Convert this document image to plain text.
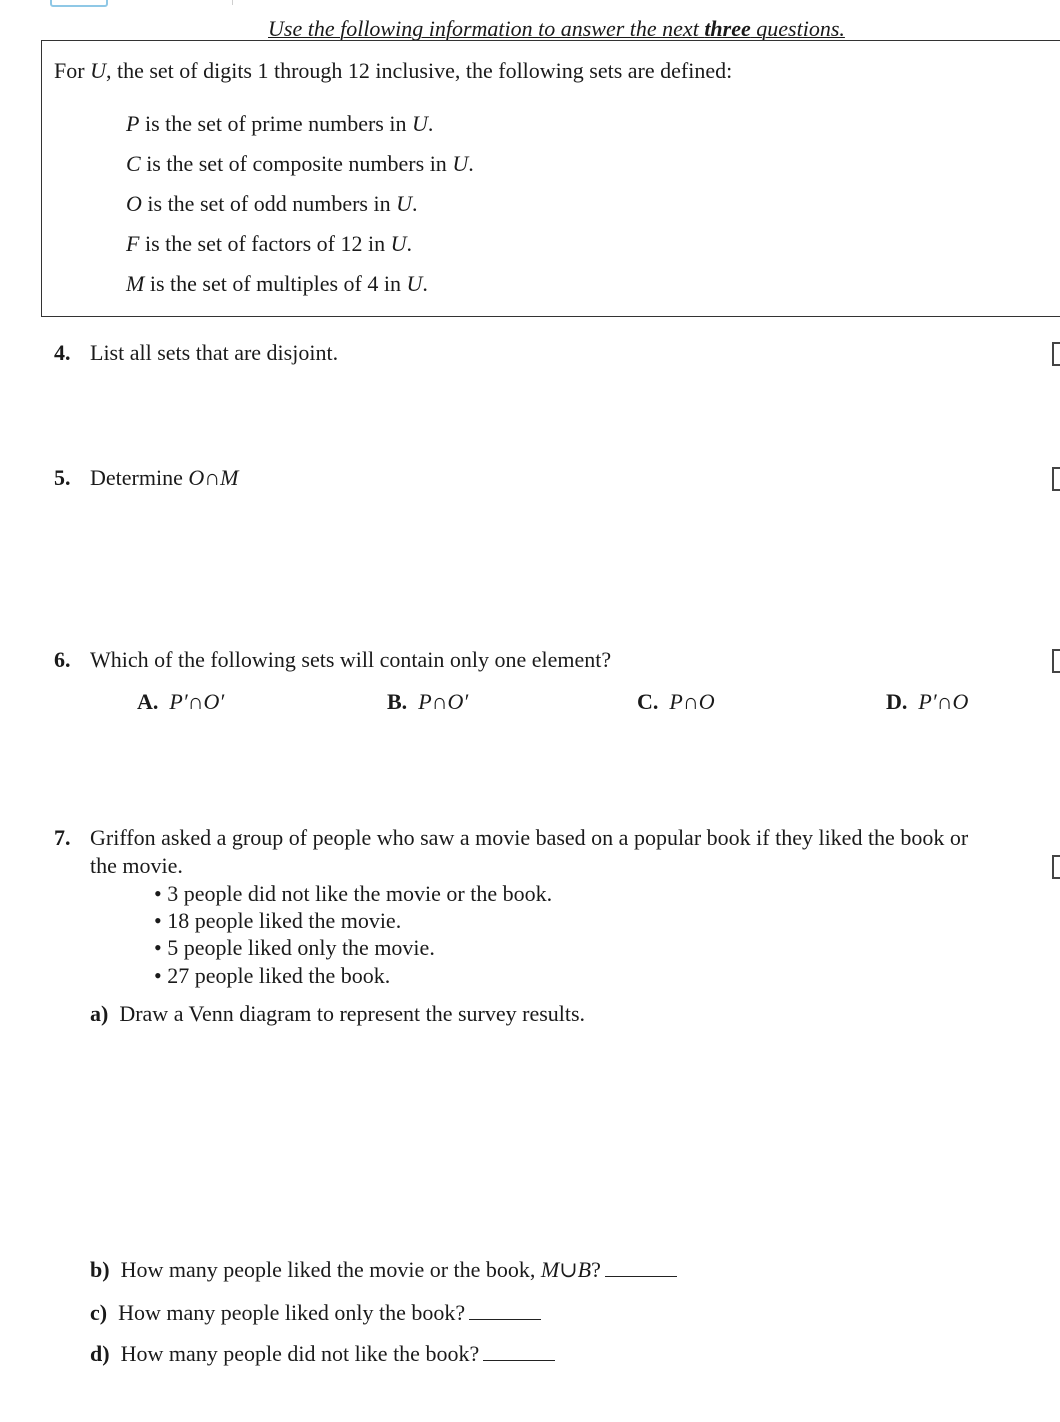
Use the following information to answer the next three questions.
For U, the set of digits 1 through 12 inclusive, the following sets are defined:
P is the set of prime numbers in U.
C is the set of composite numbers in U.
O is the set of odd numbers in U.
F is the set of factors of 12 in U.
M is the set of multiples of 4 in U.
4. List all sets that are disjoint.
5. Determine O∩M
6. Which of the following sets will contain only one element?
A. P′∩O′	B. P∩O′	C. P∩O	D. P′∩O
7. Griffon asked a group of people who saw a movie based on a popular book if they liked the book or
the movie.
• 3 people did not like the movie or the book.
• 18 people liked the movie.
• 5 people liked only the movie.
• 27 people liked the book.
a) Draw a Venn diagram to represent the survey results.
b) How many people liked the movie or the book, M∪B?
c) How many people liked only the book?
d) How many people did not like the book?
